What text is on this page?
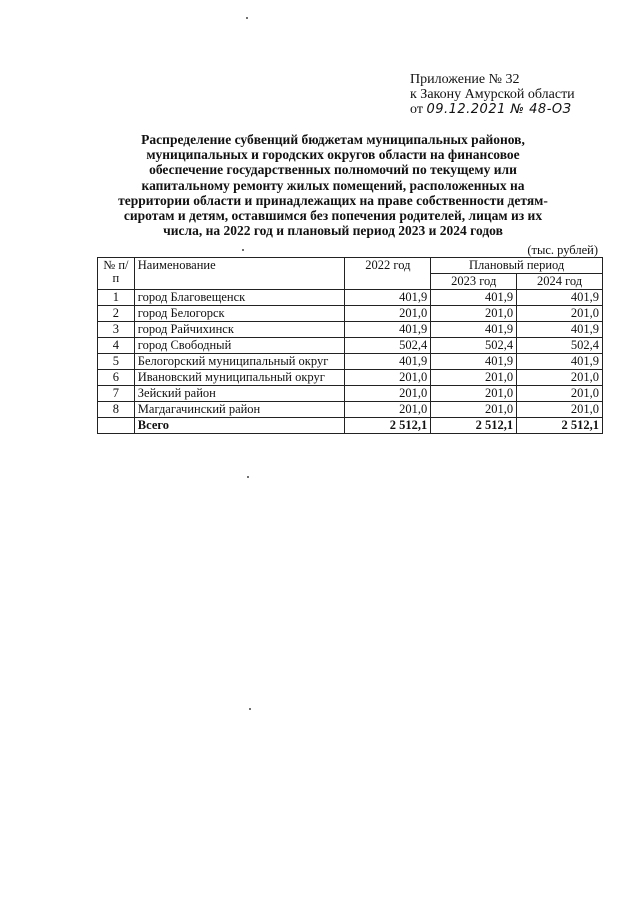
Приложение № 32
к Закону Амурской области
от 09.12.2021 № 48-ОЗ
Распределение субвенций бюджетам муниципальных районов,
муниципальных и городских округов области на финансовое
обеспечение государственных полномочий по текущему или
капитальному ремонту жилых помещений, расположенных на
территории области и принадлежащих на праве собственности детям-
сиротам и детям, оставшимся без попечения родителей, лицам из их
числа, на 2022 год и плановый период 2023 и 2024 годов
(тыс. рублей)
№ п/п	Наименование	2022 год	Плановый период	
			2023 год	2024 год
1	город Благовещенск	401,9	401,9	401,9
2	город Белогорск	201,0	201,0	201,0
3	город Райчихинск	401,9	401,9	401,9
4	город Свободный	502,4	502,4	502,4
5	Белогорский муниципальный округ	401,9	401,9	401,9
6	Ивановский муниципальный округ	201,0	201,0	201,0
7	Зейский район	201,0	201,0	201,0
8	Магдагачинский район	201,0	201,0	201,0
	Всего	2 512,1	2 512,1	2 512,1
